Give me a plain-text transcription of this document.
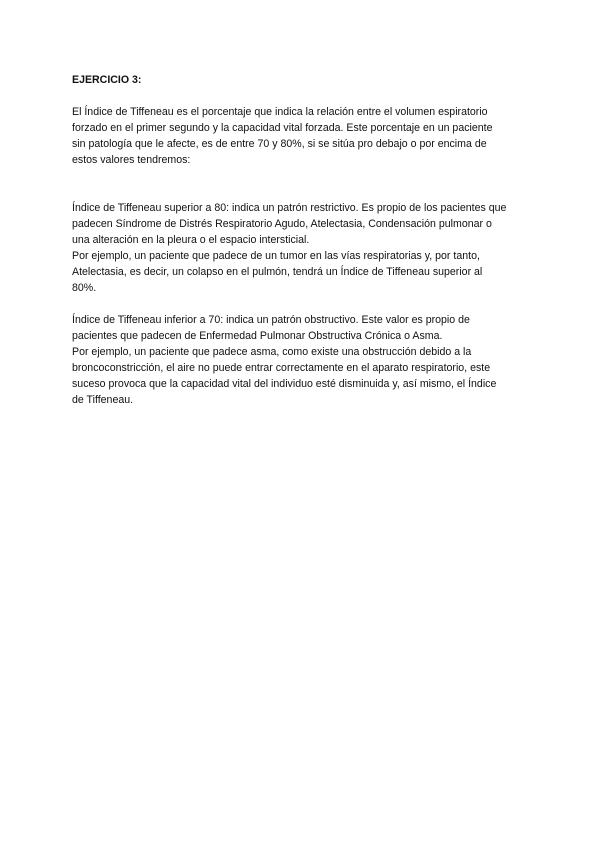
EJERCICIO 3:

El Índice de Tiffeneau es el porcentaje que indica la relación entre el volumen espiratorio
forzado en el primer segundo y la capacidad vital forzada. Este porcentaje en un paciente
sin patología que le afecte, es de entre 70 y 80%, si se sitúa pro debajo o por encima de
estos valores tendremos:

Índice de Tiffeneau superior a 80: indica un patrón restrictivo. Es propio de los pacientes que
padecen Síndrome de Distrés Respiratorio Agudo, Atelectasia, Condensación pulmonar o
una alteración en la pleura o el espacio intersticial.

Por ejemplo, un paciente que padece de un tumor en las vías respiratorias y, por tanto,
Atelectasia, es decir, un colapso en el pulmón, tendrá un Índice de Tiffeneau superior al
80%.

Índice de Tiffeneau inferior a 70: indica un patrón obstructivo. Este valor es propio de
pacientes que padecen de Enfermedad Pulmonar Obstructiva Crónica o Asma.

Por ejemplo, un paciente que padece asma, como existe una obstrucción debido a la
broncoconstricción, el aire no puede entrar correctamente en el aparato respiratorio, este
suceso provoca que la capacidad vital del individuo esté disminuida y, así mismo, el Índice
de Tiffeneau.
